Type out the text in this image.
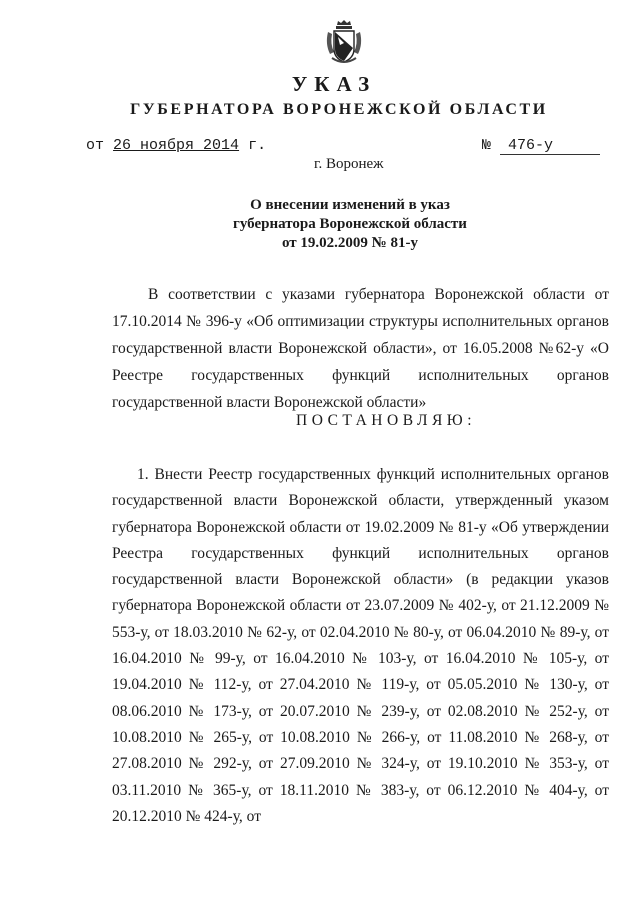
УКАЗ
ГУБЕРНАТОРА ВОРОНЕЖСКОЙ ОБЛАСТИ
от 26 ноября 2014 г.	№ 476-у
г. Воронеж
О внесении изменений в указ
губернатора Воронежской области
от 19.02.2009 № 81-у
В соответствии с указами губернатора Воронежской области от 17.10.2014 № 396-у «Об оптимизации структуры исполнительных органов государственной власти Воронежской области», от 16.05.2008 №62-у «О Реестре государственных функций исполнительных органов государственной власти Воронежской области»
ПОСТАНОВЛЯЮ:
1. Внести Реестр государственных функций исполнительных органов государственной власти Воронежской области, утвержденный указом губернатора Воронежской области от 19.02.2009 № 81-у «Об утверждении Реестра государственных функций исполнительных органов государственной власти Воронежской области» (в редакции указов губернатора Воронежской области от 23.07.2009 № 402-у, от 21.12.2009 № 553-у, от 18.03.2010 № 62-у, от 02.04.2010 № 80-у, от 06.04.2010 № 89-у, от 16.04.2010 № 99-у, от 16.04.2010 № 103-у, от 16.04.2010 № 105-у, от 19.04.2010 № 112-у, от 27.04.2010 № 119-у, от 05.05.2010 № 130-у, от 08.06.2010 № 173-у, от 20.07.2010 № 239-у, от 02.08.2010 № 252-у, от 10.08.2010 № 265-у, от 10.08.2010 № 266-у, от 11.08.2010 № 268-у, от 27.08.2010 № 292-у, от 27.09.2010 № 324-у, от 19.10.2010 № 353-у, от 03.11.2010 № 365-у, от 18.11.2010 № 383-у, от 06.12.2010 № 404-у, от 20.12.2010 № 424-у, от
